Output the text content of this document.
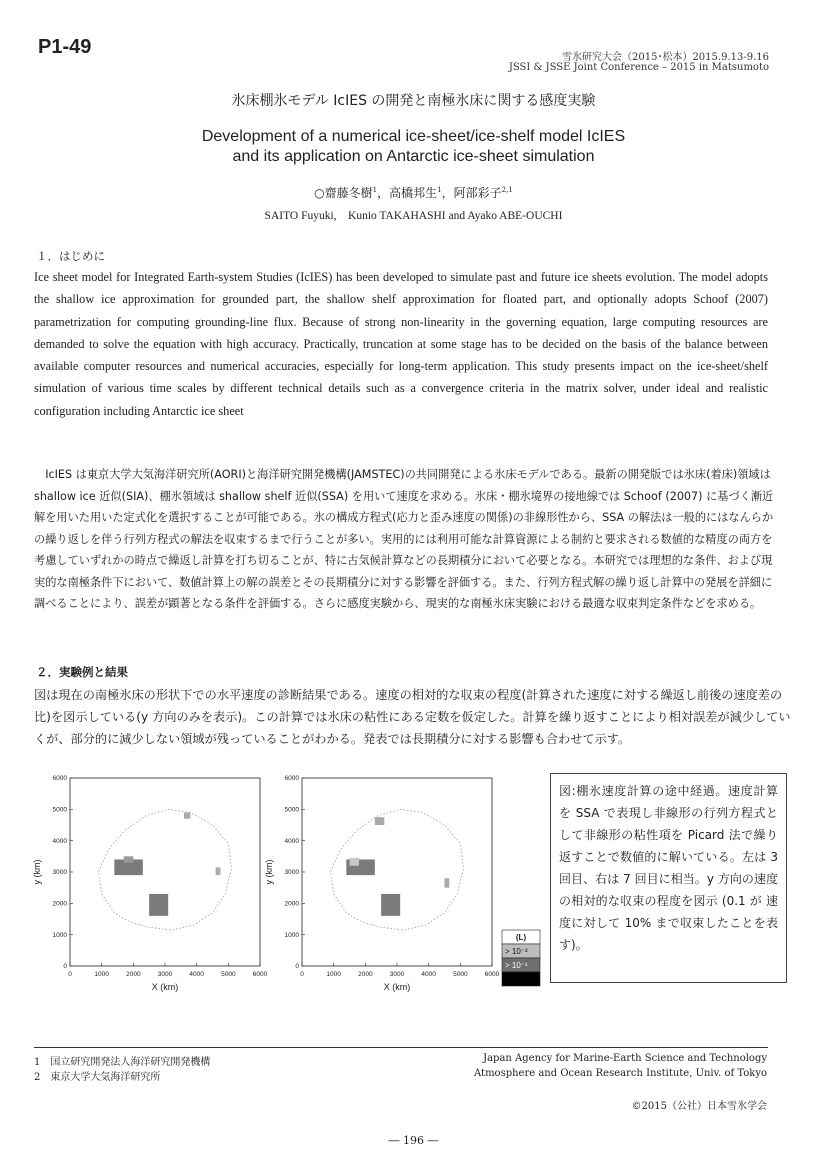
P1-49	雪氷研究大会（2015･松本）2015.9.13-9.16
JSSI & JSSE Joint Conference – 2015 in Matsumoto
氷床棚氷モデル IcIES の開発と南極氷床に関する感度実験
Development of a numerical ice-sheet/ice-shelf model IcIES
and its application on Antarctic ice-sheet simulation
○齋藤冬樹$^1$，高橋邦生$^1$，阿部彩子$^{2,1}$
SAITO Fuyuki,　Kunio TAKAHASHI and Ayako ABE-OUCHI
１．はじめに
Ice sheet model for Integrated Earth-system Studies (IcIES) has been developed to simulate past and future ice sheets evolution. The model adopts the shallow ice approximation for grounded part, the shallow shelf approximation for floated part, and optionally adopts Schoof (2007) parametrization for computing grounding-line flux. Because of strong non-linearity in the governing equation, large computing resources are demanded to solve the equation with high accuracy. Practically, truncation at some stage has to be decided on the basis of the balance between available computer resources and numerical accuracies, especially for long-term application. This study presents impact on the ice-sheet/shelf simulation of various time scales by different technical details such as a convergence criteria in the matrix solver, under ideal and realistic configuration including Antarctic ice sheet
IcIES は東京大学大気海洋研究所(AORI)と海洋研究開発機構(JAMSTEC)の共同開発による氷床モデルである。最新の開発版では氷床(着床)領域は shallow ice 近似(SIA)、棚氷領域は shallow shelf 近似(SSA) を用いて速度を求める。氷床・棚氷境界の接地線では Schoof (2007) に基づく漸近解を用いた用いた定式化を選択することが可能である。氷の構成方程式(応力と歪み速度の関係)の非線形性から、SSA の解法は一般的にはなんらかの繰り返しを伴う行列方程式の解法を収束するまで行うことが多い。実用的には利用可能な計算資源による制約と要求される数値的な精度の両方を考慮していずれかの時点で繰返し計算を打ち切ることが、特に古気候計算などの長期積分において必要となる。本研究では理想的な条件、および現実的な南極条件下において、数値計算上の解の誤差とその長期積分に対する影響を評価する。また、行列方程式解の繰り返し計算中の発展を詳細に調べることにより、誤差が顕著となる条件を評価する。さらに感度実験から、現実的な南極氷床実験における最適な収束判定条件などを求める。
２．実験例と結果
図は現在の南極氷床の形状下での水平速度の診断結果である。速度の相対的な収束の程度(計算された速度に対する繰返し前後の速度差の比)を図示している(y 方向のみを表示)。この計算では氷床の粘性にある定数を仮定した。計算を繰り返すことにより相対誤差が減少していくが、部分的に減少しない領域が残っていることがわかる。発表では長期積分に対する影響も合わせて示す。
0	1000	2000	3000	4000	5000	6000
0
1000
2000
3000
4000
5000
6000
X (km)
y (km)
0	1000	2000	3000	4000	5000	6000
0
1000
2000
3000
4000
5000
6000
X (km)
y (km)
(L)
> 10⁻²
> 10⁻¹
図:棚氷速度計算の途中経過。速度計算を SSA で表現し非線形の行列方程式として非線形の粘性項を Picard 法で繰り返すことで数値的に解いている。左は 3 回目、右は 7 回目に相当。y 方向の速度の相対的な収束の程度を図示 (0.1 が 速度に対して 10% まで収束したことを表す)。
1　国立研究開発法人海洋研究開発機構
2　東京大学大気海洋研究所
Japan Agency for Marine-Earth Science and Technology
Atmosphere and Ocean Research Institute, Univ. of Tokyo
©2015（公社）日本雪氷学会
― 196 ―
